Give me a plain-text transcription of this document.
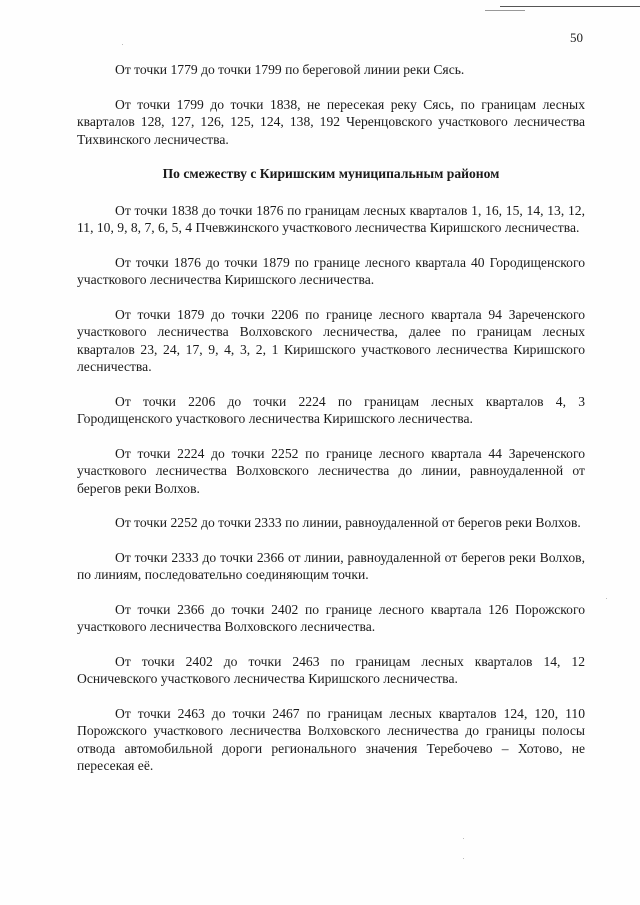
50

От точки 1779 до точки 1799 по береговой линии реки Сясь.

От точки 1799 до точки 1838, не пересекая реку Сясь, по границам лесных кварталов 128, 127, 126, 125, 124, 138, 192 Черенцовского участкового лесничества Тихвинского лесничества.

По смежеству с Киришским муниципальным районом

От точки 1838 до точки 1876 по границам лесных кварталов 1, 16, 15, 14, 13, 12, 11, 10, 9, 8, 7, 6, 5, 4 Пчевжинского участкового лесничества Киришского лесничества.

От точки 1876 до точки 1879 по границе лесного квартала 40 Городищенского участкового лесничества Киришского лесничества.

От точки 1879 до точки 2206 по границе лесного квартала 94 Зареченского участкового лесничества Волховского лесничества, далее по границам лесных кварталов 23, 24, 17, 9, 4, 3, 2, 1 Киришского участкового лесничества Киришского лесничества.

От точки 2206 до точки 2224 по границам лесных кварталов 4, 3 Городищенского участкового лесничества Киришского лесничества.

От точки 2224 до точки 2252 по границе лесного квартала 44 Зареченского участкового лесничества Волховского лесничества до линии, равноудаленной от берегов реки Волхов.

От точки 2252 до точки 2333 по линии, равноудаленной от берегов реки Волхов.

От точки 2333 до точки 2366 от линии, равноудаленной от берегов реки Волхов, по линиям, последовательно соединяющим точки.

От точки 2366 до точки 2402 по границе лесного квартала 126 Порожского участкового лесничества Волховского лесничества.

От точки 2402 до точки 2463 по границам лесных кварталов 14, 12 Осничевского участкового лесничества Киришского лесничества.

От точки 2463 до точки 2467 по границам лесных кварталов 124, 120, 110 Порожского участкового лесничества Волховского лесничества до границы полосы отвода автомобильной дороги регионального значения Теребочево – Хотово, не пересекая её.
